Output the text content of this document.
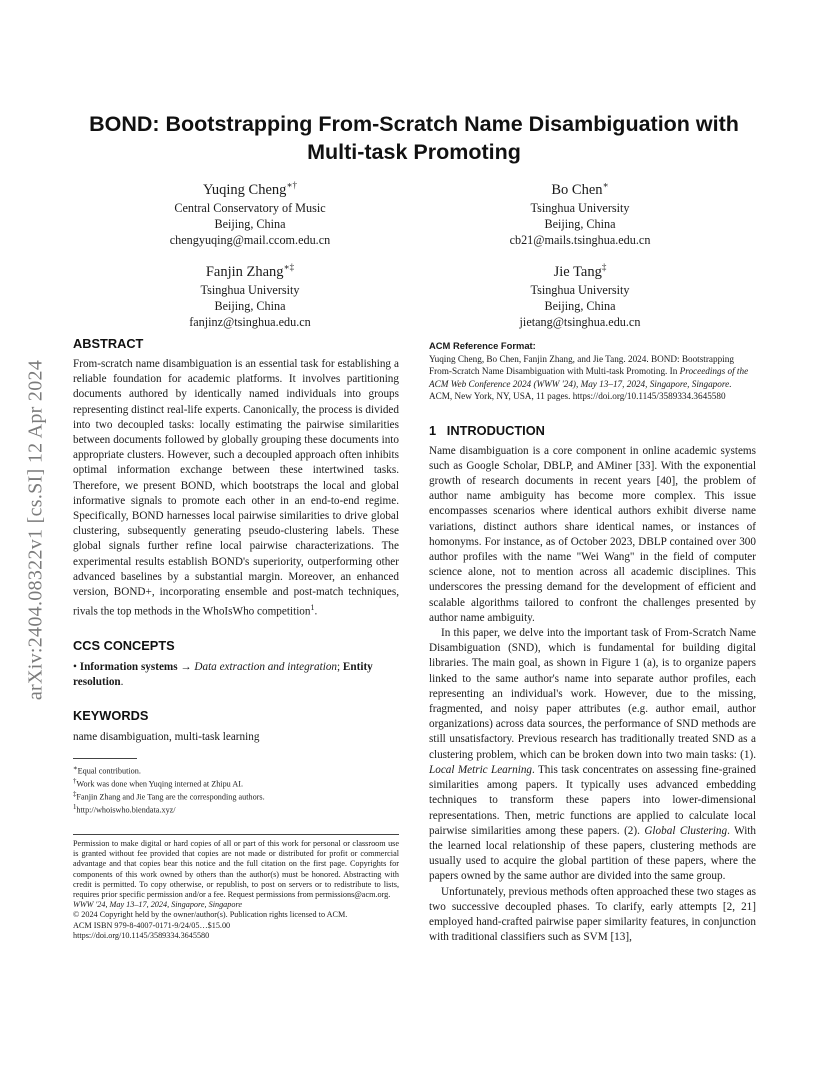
arXiv:2404.08322v1 [cs.SI] 12 Apr 2024
BOND: Bootstrapping From-Scratch Name Disambiguation with Multi-task Promoting
Yuqing Cheng∗†
Central Conservatory of Music
Beijing, China
chengyuqing@mail.ccom.edu.cn
Bo Chen∗
Tsinghua University
Beijing, China
cb21@mails.tsinghua.edu.cn
Fanjin Zhang∗‡
Tsinghua University
Beijing, China
fanjinz@tsinghua.edu.cn
Jie Tang‡
Tsinghua University
Beijing, China
jietang@tsinghua.edu.cn
ABSTRACT
From-scratch name disambiguation is an essential task for establishing a reliable foundation for academic platforms. It involves partitioning documents authored by identically named individuals into groups representing distinct real-life experts. Canonically, the process is divided into two decoupled tasks: locally estimating the pairwise similarities between documents followed by globally grouping these documents into appropriate clusters. However, such a decoupled approach often inhibits optimal information exchange between these intertwined tasks. Therefore, we present BOND, which bootstraps the local and global informative signals to promote each other in an end-to-end regime. Specifically, BOND harnesses local pairwise similarities to drive global clustering, subsequently generating pseudo-clustering labels. These global signals further refine local pairwise characterizations. The experimental results establish BOND's superiority, outperforming other advanced baselines by a substantial margin. Moreover, an enhanced version, BOND+, incorporating ensemble and post-match techniques, rivals the top methods in the WhoIsWho competition$^1$.
CCS CONCEPTS
• Information systems → Data extraction and integration; Entity resolution.
KEYWORDS
name disambiguation, multi-task learning
∗Equal contribution.
†Work was done when Yuqing interned at Zhipu AI.
‡Fanjin Zhang and Jie Tang are the corresponding authors.
$^1$http://whoiswho.biendata.xyz/
Permission to make digital or hard copies of all or part of this work for personal or classroom use is granted without fee provided that copies are not made or distributed for profit or commercial advantage and that copies bear this notice and the full citation on the first page. Copyrights for components of this work owned by others than the author(s) must be honored. Abstracting with credit is permitted. To copy otherwise, or republish, to post on servers or to redistribute to lists, requires prior specific permission and/or a fee. Request permissions from permissions@acm.org.
WWW '24, May 13–17, 2024, Singapore, Singapore
© 2024 Copyright held by the owner/author(s). Publication rights licensed to ACM.
ACM ISBN 979-8-4007-0171-9/24/05…$15.00
https://doi.org/10.1145/3589334.3645580
ACM Reference Format:
Yuqing Cheng, Bo Chen, Fanjin Zhang, and Jie Tang. 2024. BOND: Bootstrapping From-Scratch Name Disambiguation with Multi-task Promoting. In Proceedings of the ACM Web Conference 2024 (WWW '24), May 13–17, 2024, Singapore, Singapore. ACM, New York, NY, USA, 11 pages. https://doi.org/10.1145/3589334.3645580
1 INTRODUCTION

Name disambiguation is a core component in online academic systems such as Google Scholar, DBLP, and AMiner [33]. With the exponential growth of research documents in recent years [40], the problem of author name ambiguity has become more complex. This issue encompasses scenarios where identical authors exhibit diverse name variations, distinct authors share identical names, or instances of homonyms. For instance, as of October 2023, DBLP contained over 300 author profiles with the name "Wei Wang" in the field of computer science alone, not to mention across all academic disciplines. This underscores the pressing demand for the development of efficient and scalable algorithms tailored to confront the challenges presented by author name ambiguity.

In this paper, we delve into the important task of From-Scratch Name Disambiguation (SND), which is fundamental for building digital libraries. The main goal, as shown in Figure 1 (a), is to organize papers linked to the same author's name into separate author profiles, each representing an individual's work. However, due to the missing, fragmented, and noisy paper attributes (e.g. author email, author organizations) across data sources, the performance of SND methods are still unsatisfactory. Previous research has traditionally treated SND as a clustering problem, which can be broken down into two main tasks: (1). Local Metric Learning. This task concentrates on assessing fine-grained similarities among papers. It typically uses advanced embedding techniques to transform these papers into lower-dimensional representations. Then, metric functions are applied to calculate local pairwise similarities among these papers. (2). Global Clustering. With the learned local relationship of these papers, clustering methods are usually used to acquire the global partition of these papers, where the papers owned by the same author are divided into the same group.

Unfortunately, previous methods often approached these two stages as two successive decoupled phases. To clarify, early attempts [2, 21] employed hand-crafted pairwise paper similarity features, in conjunction with traditional classifiers such as SVM [13],
